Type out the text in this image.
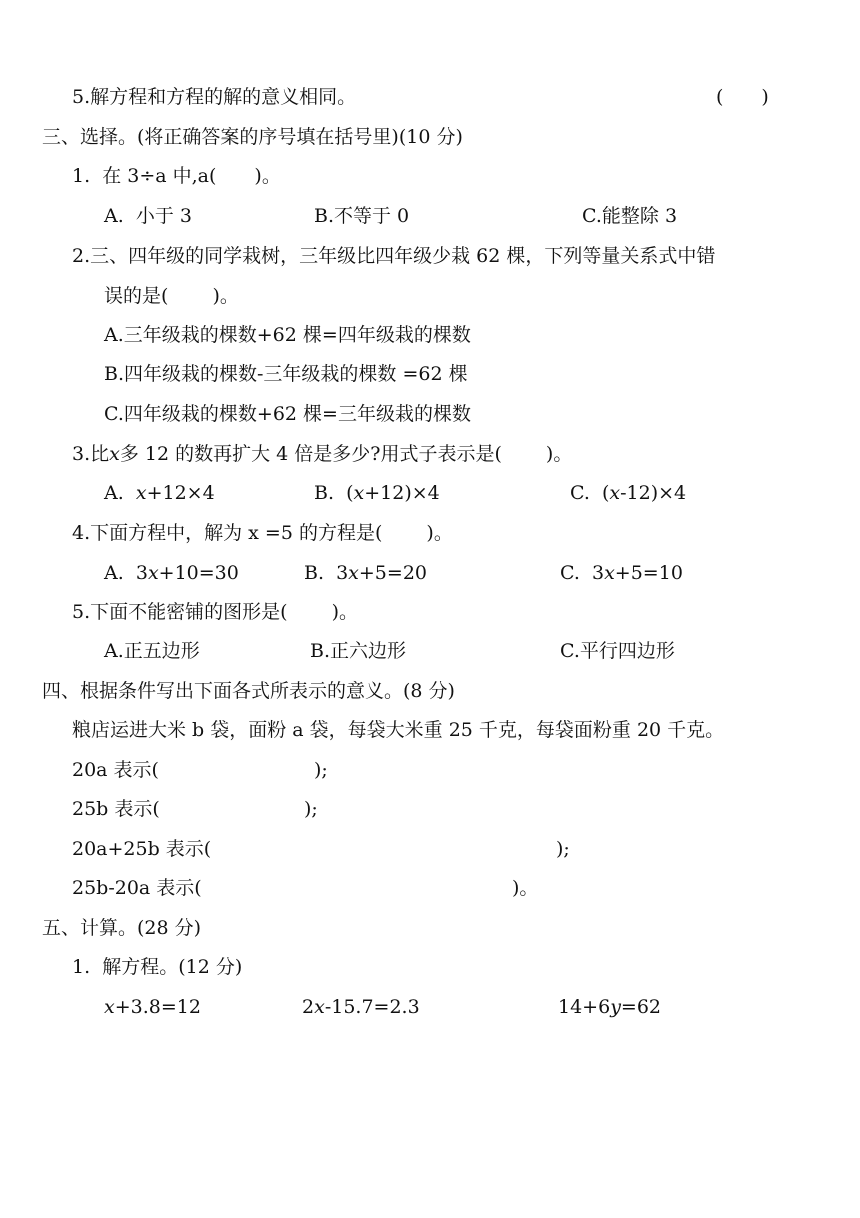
5.解方程和方程的解的意义相同。	(　　)
三、选择。(将正确答案的序号填在括号里)(10 分)
1.  在 3÷a 中,a(　　)。
A.  小于 3	B.不等于 0	C.能整除 3
2.三、四年级的同学栽树，三年级比四年级少栽 62 棵，下列等量关系式中错
误的是(　　 )。
A.三年级栽的棵数+62 棵=四年级栽的棵数
B.四年级栽的棵数-三年级栽的棵数 =62 棵
C.四年级栽的棵数+62 棵=三年级栽的棵数
3.比x多 12 的数再扩大 4 倍是多少?用式子表示是(　　 )。
A.  x+12×4	B.  (x+12)×4	C.  (x-12)×4
4.下面方程中，解为 x =5 的方程是(　　 )。
A.  3x+10=30	B.  3x+5=20	C.  3x+5=10
5.下面不能密铺的图形是(　　 )。
A.正五边形	B.正六边形	C.平行四边形
四、根据条件写出下面各式所表示的意义。(8 分)
粮店运进大米 b 袋，面粉 a 袋，每袋大米重 25 千克，每袋面粉重 20 千克。
20a 表示(	);
25b 表示(	);
20a+25b 表示(	);
25b-20a 表示(	)。
五、计算。(28 分)
1.  解方程。(12 分)
x+3.8=12	2x-15.7=2.3	14+6y=62
